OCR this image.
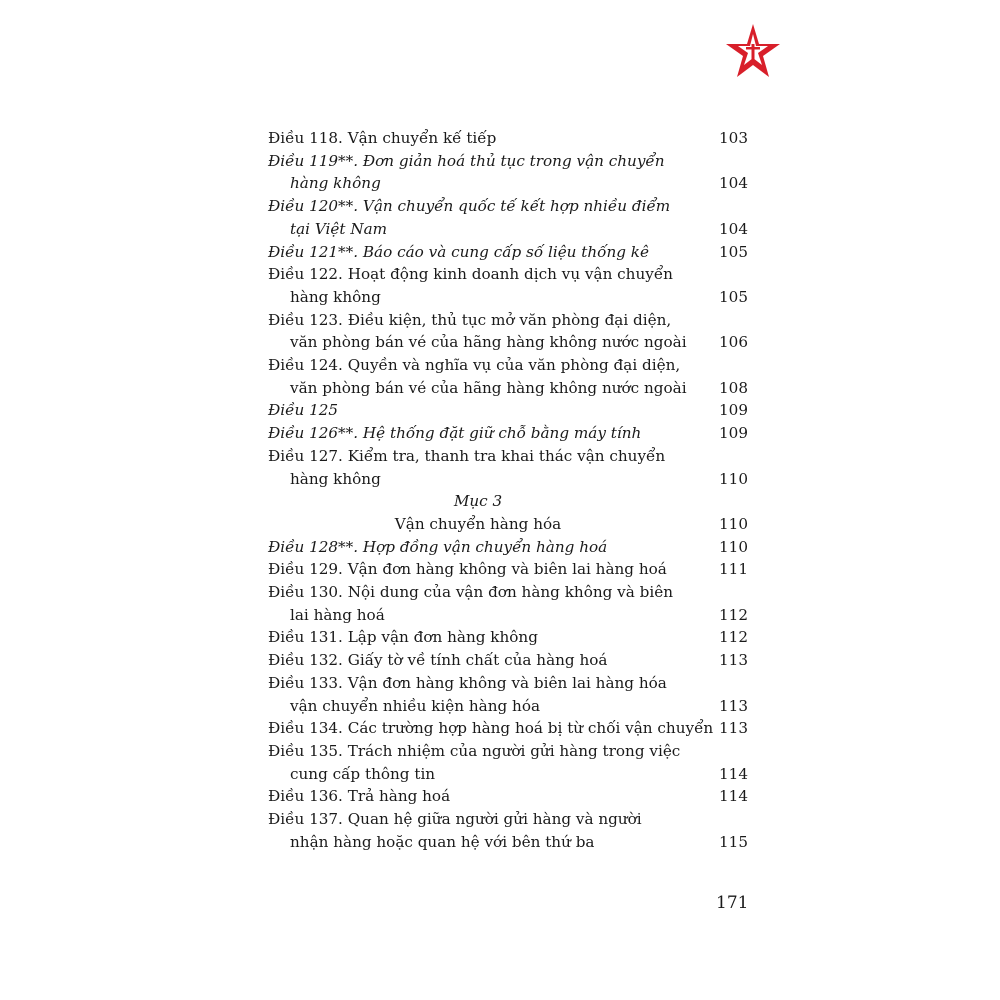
Điều 118. Vận chuyển kế tiếp	103
Điều 119**. Đơn giản hoá thủ tục trong vận chuyển
hàng không	104
Điều 120**. Vận chuyển quốc tế kết hợp nhiều điểm
tại Việt Nam	104
Điều 121**. Báo cáo và cung cấp số liệu thống kê	105
Điều 122. Hoạt động kinh doanh dịch vụ vận chuyển
hàng không	105
Điều 123. Điều kiện, thủ tục mở văn phòng đại diện,
văn phòng bán vé của hãng hàng không nước ngoài	106
Điều 124. Quyền và nghĩa vụ của văn phòng đại diện,
văn phòng bán vé của hãng hàng không nước ngoài	108
Điều 125	109
Điều 126**. Hệ thống đặt giữ chỗ bằng máy tính	109
Điều 127. Kiểm tra, thanh tra khai thác vận chuyển
hàng không	110
Mục 3
Vận chuyển hàng hóa	110
Điều 128**. Hợp đồng vận chuyển hàng hoá	110
Điều 129. Vận đơn hàng không và biên lai hàng hoá	111
Điều 130. Nội dung của vận đơn hàng không và biên
lai hàng hoá	112
Điều 131. Lập vận đơn hàng không	112
Điều 132. Giấy tờ về tính chất của hàng hoá	113
Điều 133. Vận đơn hàng không và biên lai hàng hóa
vận chuyển nhiều kiện hàng hóa	113
Điều 134. Các trường hợp hàng hoá bị từ chối vận chuyển 113
Điều 135. Trách nhiệm của người gửi hàng trong việc
cung cấp thông tin	114
Điều 136. Trả hàng hoá	114
Điều 137. Quan hệ giữa người gửi hàng và người
nhận hàng hoặc quan hệ với bên thứ ba	115
171
